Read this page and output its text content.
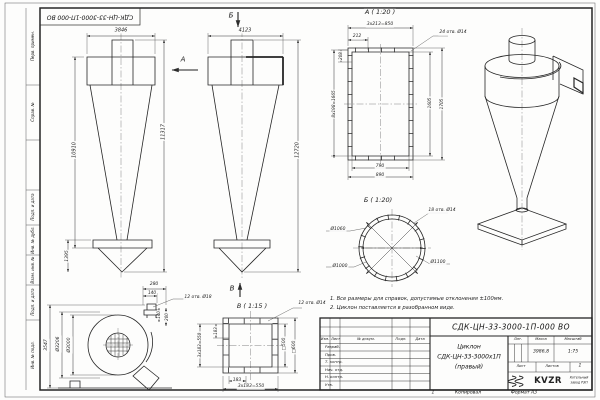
3846
А
10910
11317
1395
280
140
12 отв. Ø18
140 200
3547 Ø3206 Ø3000
Б
4123
12720
В
В ( 1:15 )	12 отв. Ø14
□500 □600
183
3x183=550
183
3x183=550
А ( 1:20 )
3x213=850
212
24 отв. Ø14
208
8x198=1665	1605 1705
790
890
Б ( 1:20)
18 отв. Ø14
Ø1060
Ø1000
Ø1100
Перв. примен.
Справ. №
Подп. и дата
Инв. № дубл.
Взам. инв. №
Подп. и дата
Инв. № подл.	Разраб.
Пров.
Т. контр.
Нач. отд.
Н. контр.
Утв.
Изм. Лист	№ докум.	Подп. Дата
СДК-ЦН-33-3000-1П-000 ВО
1. Все размеры для справок, допустимые отклонения ±100мм.
2. Циклон поставляется в разобранном виде.
СДК-ЦН-33-3000-1П-000 ВО
Циклон
СДК-ЦН-33-3000х1П
(правый)
Лит.	Масса	Масштаб
3986,8	1:75
Лист	Листов	1
KVZR Котельный
завод РЭП
1	Копировал	Формат А3
